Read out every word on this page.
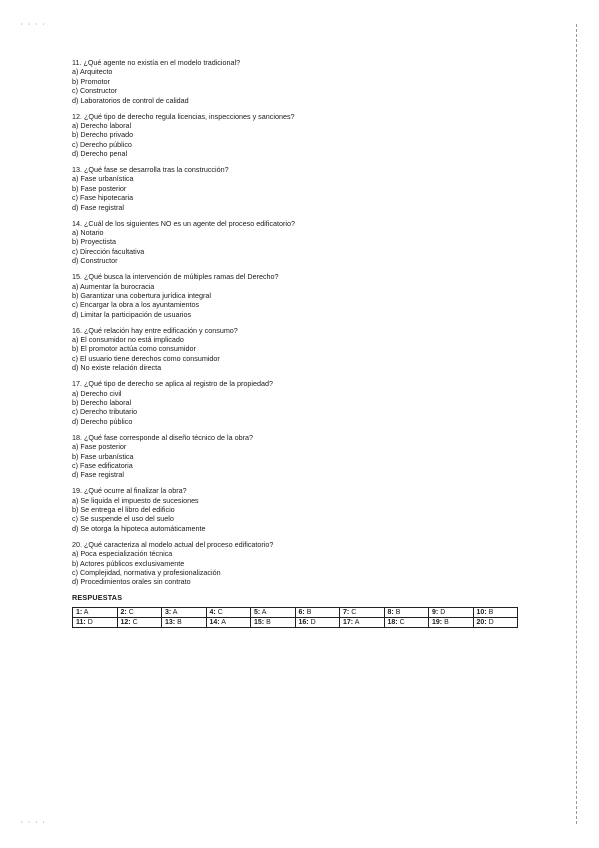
· · · · ˜˜˜˜˜˜˜˜˜˜˜˜˜˜˜˜˜˜˜˜˜˜˜˜˜˜˜˜˜˜˜˜˜˜˜˜˜˜˜˜˜˜˜˜˜˜˜˜˜˜˜˜˜˜˜˜˜˜˜˜˜˜˜˜˜˜˜˜˜˜˜˜˜˜˜˜˜˜˜˜˜˜˜˜˜˜˜˜˜˜˜˜˜˜˜˜˜˜˜˜˜˜˜˜˜˜˜˜˜˜˜˜˜˜˜˜˜˜˜˜
· · · · ˜˜˜˜˜˜˜˜˜˜˜˜˜˜˜˜˜˜˜˜˜˜˜˜˜˜˜˜˜˜˜˜˜˜˜˜˜˜˜˜˜˜˜˜˜˜˜˜˜˜˜˜˜˜˜˜˜˜˜˜˜˜˜˜˜˜˜˜˜˜˜˜˜˜˜˜˜˜˜˜˜˜˜˜˜˜˜˜˜˜˜˜˜˜˜˜˜˜˜˜˜˜˜˜˜˜˜˜˜˜˜˜˜˜˜˜˜˜˜˜
11. ¿Qué agente no existía en el modelo tradicional?
a) Arquitecto
b) Promotor
c) Constructor
d) Laboratorios de control de calidad
12. ¿Qué tipo de derecho regula licencias, inspecciones y sanciones?
a) Derecho laboral
b) Derecho privado
c) Derecho público
d) Derecho penal
13. ¿Qué fase se desarrolla tras la construcción?
a) Fase urbanística
b) Fase posterior
c) Fase hipotecaria
d) Fase registral
14. ¿Cuál de los siguientes NO es un agente del proceso edificatorio?
a) Notario
b) Proyectista
c) Dirección facultativa
d) Constructor
15. ¿Qué busca la intervención de múltiples ramas del Derecho?
a) Aumentar la burocracia
b) Garantizar una cobertura jurídica integral
c) Encargar la obra a los ayuntamientos
d) Limitar la participación de usuarios
16. ¿Qué relación hay entre edificación y consumo?
a) El consumidor no está implicado
b) El promotor actúa como consumidor
c) El usuario tiene derechos como consumidor
d) No existe relación directa
17. ¿Qué tipo de derecho se aplica al registro de la propiedad?
a) Derecho civil
b) Derecho laboral
c) Derecho tributario
d) Derecho público
18. ¿Qué fase corresponde al diseño técnico de la obra?
a) Fase posterior
b) Fase urbanística
c) Fase edificatoria
d) Fase registral
19. ¿Qué ocurre al finalizar la obra?
a) Se liquida el impuesto de sucesiones
b) Se entrega el libro del edificio
c) Se suspende el uso del suelo
d) Se otorga la hipoteca automáticamente
20. ¿Qué caracteriza al modelo actual del proceso edificatorio?
a) Poca especialización técnica
b) Actores públicos exclusivamente
c) Complejidad, normativa y profesionalización
d) Procedimientos orales sin contrato
RESPUESTAS
1: A	2: C	3: A	4: C	5: A	6: B	7: C	8: B	9: D	10: B
11: D	12: C	13: B	14: A	15: B	16: D	17: A	18: C	19: B	20: D
